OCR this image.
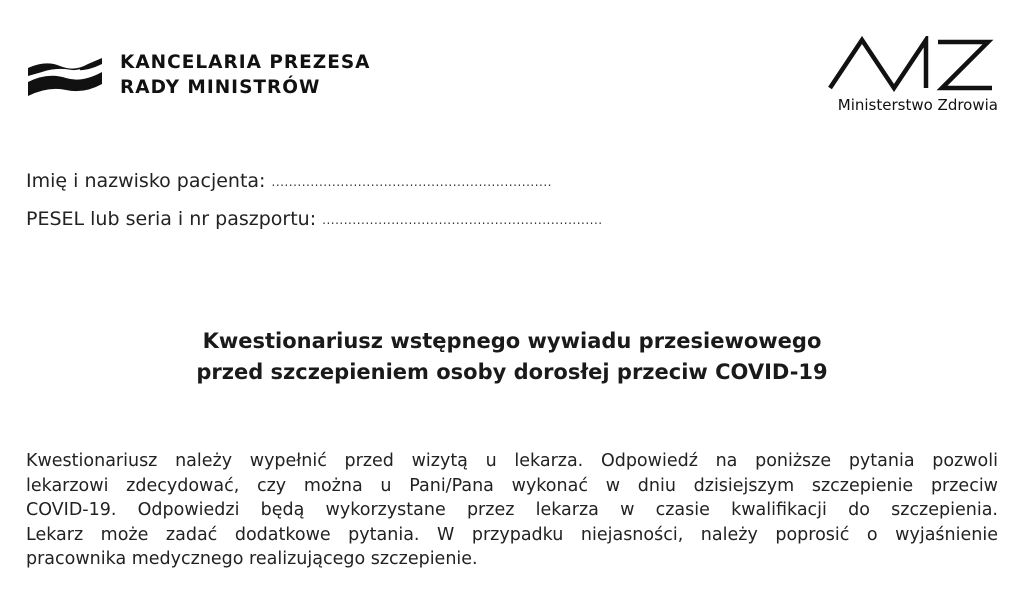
KANCELARIA PREZESA
RADY MINISTRÓW
Ministerstwo Zdrowia
Imię i nazwisko pacjenta: .................................................................
PESEL lub seria i nr paszportu: .................................................................
Kwestionariusz wstępnego wywiadu przesiewowego
przed szczepieniem osoby dorosłej przeciw COVID-19
Kwestionariusz należy wypełnić przed wizytą u lekarza. Odpowiedź na poniższe pytania pozwoli
lekarzowi zdecydować, czy można u Pani/Pana wykonać w dniu dzisiejszym szczepienie przeciw
COVID-19. Odpowiedzi będą wykorzystane przez lekarza w czasie kwalifikacji do szczepienia.
Lekarz może zadać dodatkowe pytania. W przypadku niejasności, należy poprosić o wyjaśnienie
pracownika medycznego realizującego szczepienie.
